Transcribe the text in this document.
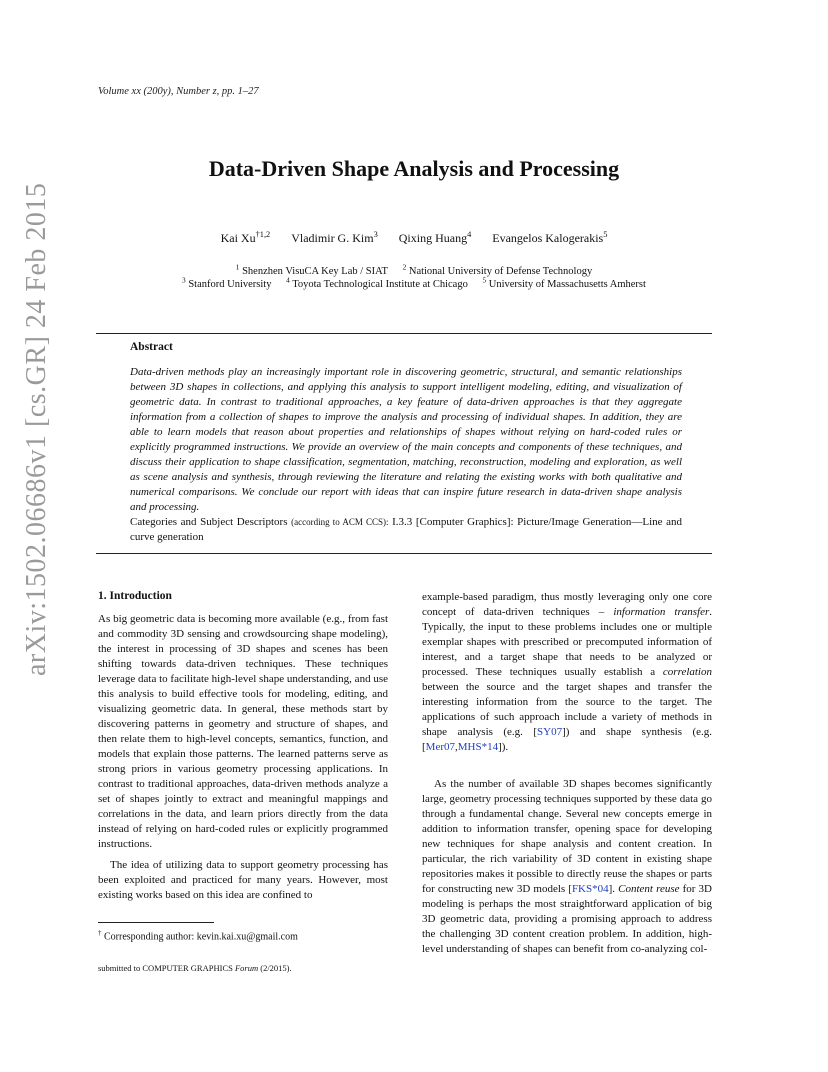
Volume xx (200y), Number z, pp. 1–27
arXiv:1502.06686v1 [cs.GR] 24 Feb 2015
Data-Driven Shape Analysis and Processing
Kai Xu$^{\dagger 1,2}$ Vladimir G. Kim$^3$ Qixing Huang$^4$ Evangelos Kalogerakis$^5$
$^1$ Shenzhen VisuCA Key Lab / SIAT $^2$ National University of Defense Technology
$^3$ Stanford University $^4$ Toyota Technological Institute at Chicago $^5$ University of Massachusetts Amherst
Abstract
Data-driven methods play an increasingly important role in discovering geometric, structural, and semantic relationships between 3D shapes in collections, and applying this analysis to support intelligent modeling, editing, and visualization of geometric data. In contrast to traditional approaches, a key feature of data-driven approaches is that they aggregate information from a collection of shapes to improve the analysis and processing of individual shapes. In addition, they are able to learn models that reason about properties and relationships of shapes without relying on hard-coded rules or explicitly programmed instructions. We provide an overview of the main concepts and components of these techniques, and discuss their application to shape classification, segmentation, matching, reconstruction, modeling and exploration, as well as scene analysis and synthesis, through reviewing the literature and relating the existing works with both qualitative and numerical comparisons. We conclude our report with ideas that can inspire future research in data-driven shape analysis and processing.
Categories and Subject Descriptors (according to ACM CCS): I.3.3 [Computer Graphics]: Picture/Image Generation—Line and curve generation
1. Introduction

As big geometric data is becoming more available (e.g., from fast and commodity 3D sensing and crowdsourcing shape modeling), the interest in processing of 3D shapes and scenes has been shifting towards data-driven techniques. These techniques leverage data to facilitate high-level shape understanding, and use this analysis to build effective tools for modeling, editing, and visualizing geometric data. In general, these methods start by discovering patterns in geometry and structure of shapes, and then relate them to high-level concepts, semantics, function, and models that explain those patterns. The learned patterns serve as strong priors in various geometry processing applications. In contrast to traditional approaches, data-driven methods analyze a set of shapes jointly to extract and meaningful mappings and correlations in the data, and learn priors directly from the data instead of relying on hard-coded rules or explicitly programmed instructions.

The idea of utilizing data to support geometry processing has been exploited and practiced for many years. However, most existing works based on this idea are confined to

example-based paradigm, thus mostly leveraging only one core concept of data-driven techniques – information transfer. Typically, the input to these problems includes one or multiple exemplar shapes with prescribed or precomputed information of interest, and a target shape that needs to be analyzed or processed. These techniques usually establish a correlation between the source and the target shapes and transfer the interesting information from the source to the target. The applications of such approach include a variety of methods in shape analysis (e.g. [SY07]) and shape synthesis (e.g. [Mer07,MHS*14]).

As the number of available 3D shapes becomes significantly large, geometry processing techniques supported by these data go through a fundamental change. Several new concepts emerge in addition to information transfer, opening space for developing new techniques for shape analysis and content creation. In particular, the rich variability of 3D content in existing shape repositories makes it possible to directly reuse the shapes or parts for constructing new 3D models [FKS*04]. Content reuse for 3D modeling is perhaps the most straightforward application of big 3D geometric data, providing a promising approach to address the challenging 3D content creation problem. In addition, high-level understanding of shapes can benefit from co-analyzing col-

† Corresponding author: kevin.kai.xu@gmail.com
submitted to COMPUTER GRAPHICS Forum (2/2015).
